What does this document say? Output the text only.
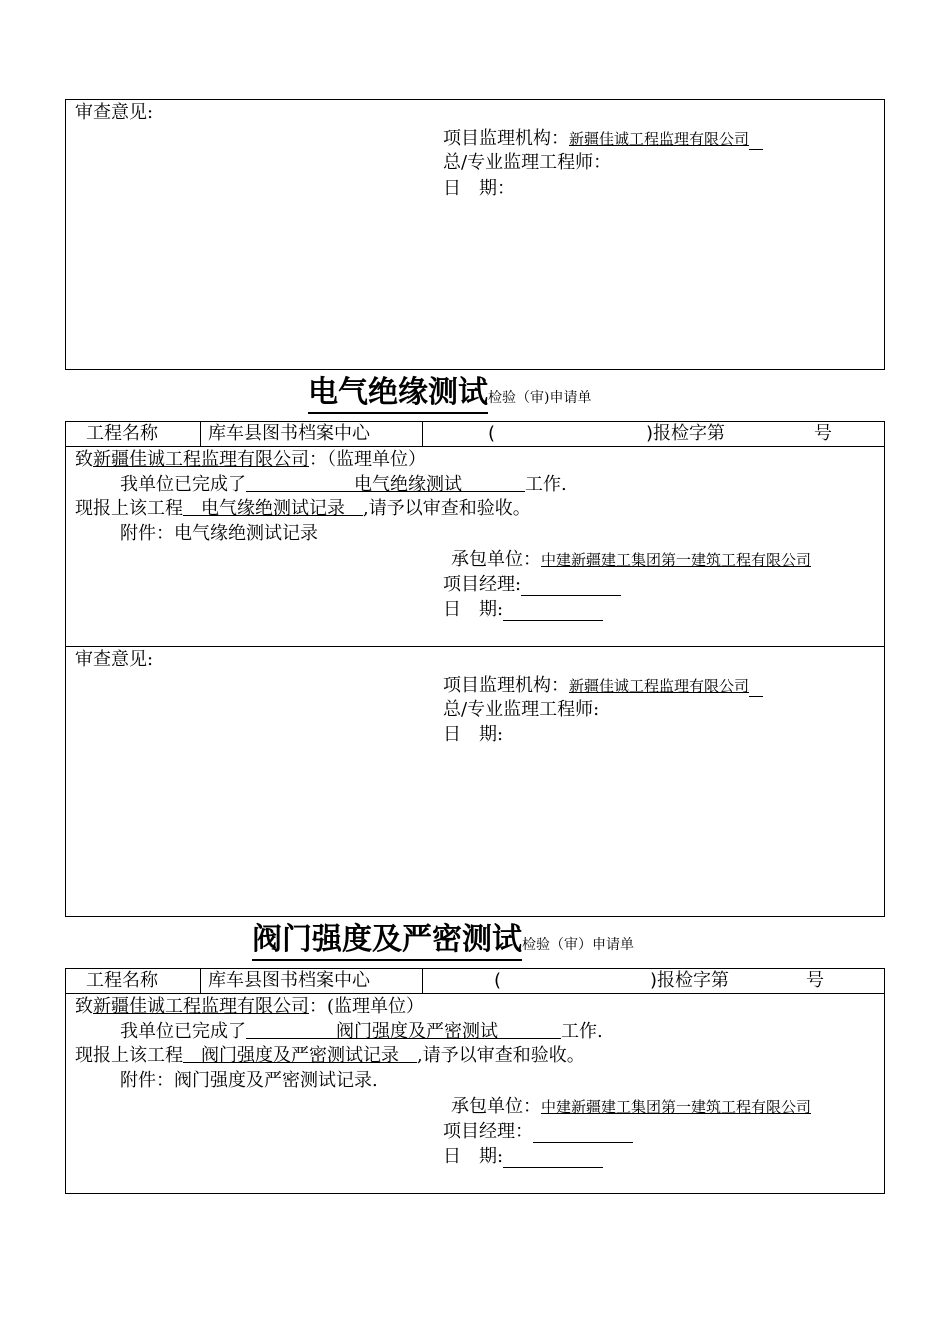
审查意见:
项目监理机构：新疆佳诚工程监理有限公司
总/专业监理工程师：
日　期：
电气绝缘测试检验（审)申请单
工程名称	库车县图书档案中心	(	)报检字第	号
致新疆佳诚工程监理有限公司：（监理单位）
我单位已完成了            	电气绝缘测试       	工作.
现报上该工程   电气缘绝测试记录   ,请予以审查和验收。
附件：电气缘绝测试记录
承包单位：中建新疆建工集团第一建筑工程有限公司
项目经理:
日　期:
审查意见:
项目监理机构：新疆佳诚工程监理有限公司
总/专业监理工程师:
日　期:
阀门强度及严密测试检验（审）申请单
工程名称	库车县图书档案中心	(	)报检字第	号
致新疆佳诚工程监理有限公司：(监理单位）
我单位已完成了          	阀门强度及严密测试       	工作.
现报上该工程   阀门强度及严密测试记录   ,请予以审查和验收。
附件：阀门强度及严密测试记录.
承包单位：中建新疆建工集团第一建筑工程有限公司
项目经理：
日　期:
